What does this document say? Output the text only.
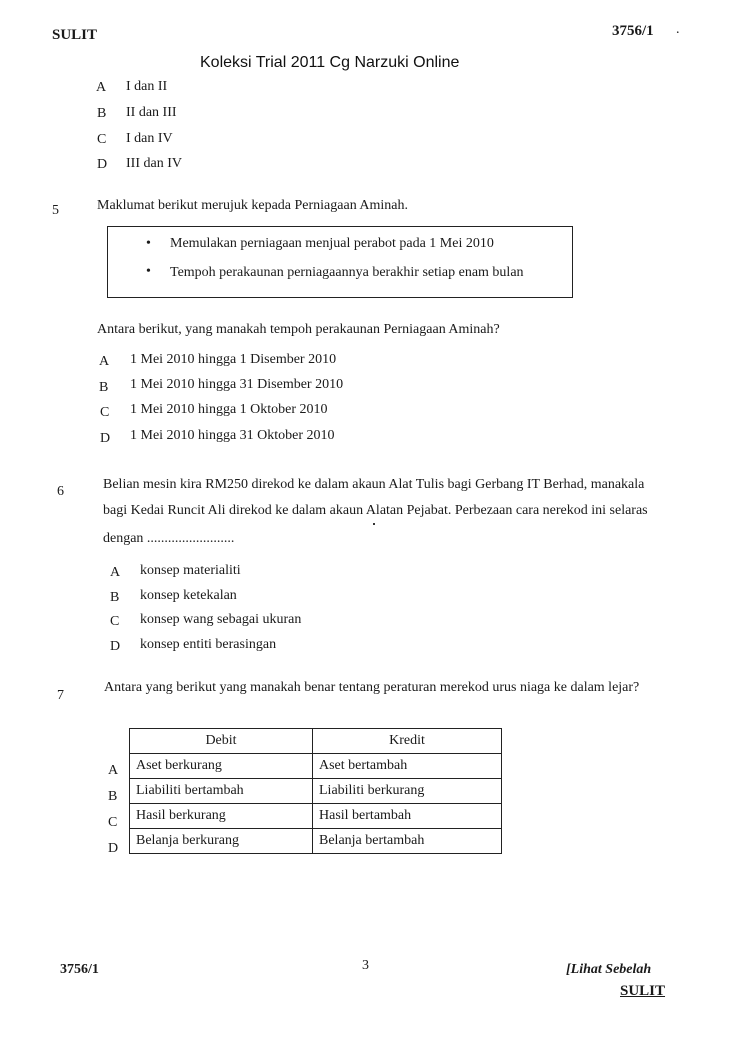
SULIT	3756/1 .
Koleksi Trial 2011 Cg Narzuki Online
A I dan II
B II dan III
C I dan IV
D III dan IV
5	Maklumat berikut merujuk kepada Perniagaan Aminah.
• Memulakan perniagaan menjual perabot pada 1 Mei 2010
• Tempoh perakaunan perniagaannya berakhir setiap enam bulan
Antara berikut, yang manakah tempoh perakaunan Perniagaan Aminah?
A 1 Mei 2010 hingga 1 Disember 2010
B 1 Mei 2010 hingga 31 Disember 2010
C 1 Mei 2010 hingga 1 Oktober 2010
D 1 Mei 2010 hingga 31 Oktober 2010
6	Belian mesin kira RM250 direkod ke dalam akaun Alat Tulis bagi Gerbang IT Berhad, manakala
bagi Kedai Runcit Ali direkod ke dalam akaun Alatan Pejabat. Perbezaan cara nerekod ini selaras
dengan .........................
A konsep materialiti
B konsep ketekalan
C konsep wang sebagai ukuran
D konsep entiti berasingan
7
Antara yang berikut yang manakah benar tentang peraturan merekod urus niaga ke dalam lejar?
Debit	Kredit
Aset berkurang	Aset bertambah
Liabiliti bertambah	Liabiliti berkurang
Hasil berkurang	Hasil bertambah
Belanja berkurang	Belanja bertambah
A
B
C
D
3756/1	3	[Lihat Sebelah
SULIT
